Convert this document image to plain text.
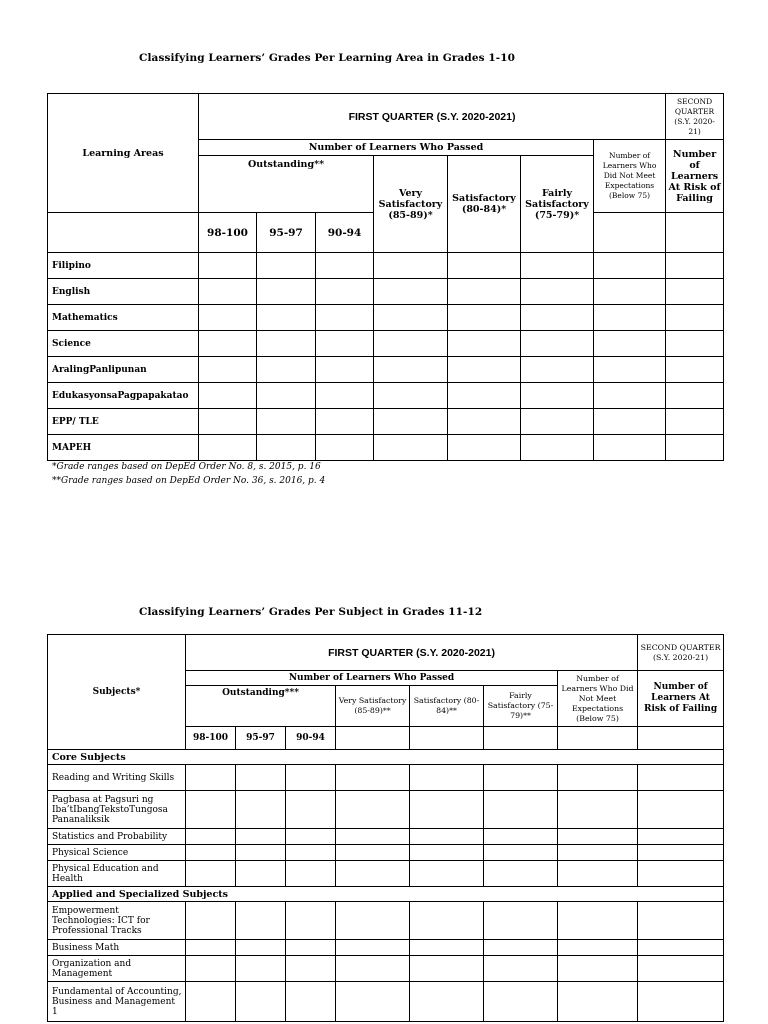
Classifying Learners’ Grades Per Learning Area in Grades 1-10
Learning Areas	FIRST QUARTER (S.Y. 2020-2021)							SECOND QUARTER (S.Y. 2020-21)
	Number of Learners Who Passed						Number of Learners Who Did Not Meet Expectations (Below 75)	Number of Learners At Risk of Failing
	Outstanding**			Very Satisfactory (85-89)*	Satisfactory (80-84)*	Fairly Satisfactory (75-79)*		
	98-100	95-97	90-94					
Filipino								
English								
Mathematics								
Science								
AralingPanlipunan								
EdukasyonsaPagpapakatao								
EPP/ TLE								
MAPEH								
*Grade ranges based on DepEd Order No. 8, s. 2015, p. 16
**Grade ranges based on DepEd Order No. 36, s. 2016, p. 4
Classifying Learners’ Grades Per Subject in Grades 11-12
Subjects*	FIRST QUARTER (S.Y. 2020-2021)							SECOND QUARTER (S.Y. 2020-21)
	Number of Learners Who Passed						Number of Learners Who Did Not Meet Expectations (Below 75)	Number of Learners At Risk of Failing
	Outstanding***			Very Satisfactory (85-89)**	Satisfactory (80-84)**	Fairly Satisfactory (75-79)**		
	98-100	95-97	90-94					
Core Subjects								
Reading and Writing Skills								
Pagbasa at Pagsuri ng Iba’tIbangTekstoTungosa Pananaliksik								
Statistics and Probability								
Physical Science								
Physical Education and Health								
Applied and Specialized Subjects								
Empowerment Technologies: ICT for Professional Tracks								
Business Math								
Organization and Management								
Fundamental of Accounting, Business and Management 1								
